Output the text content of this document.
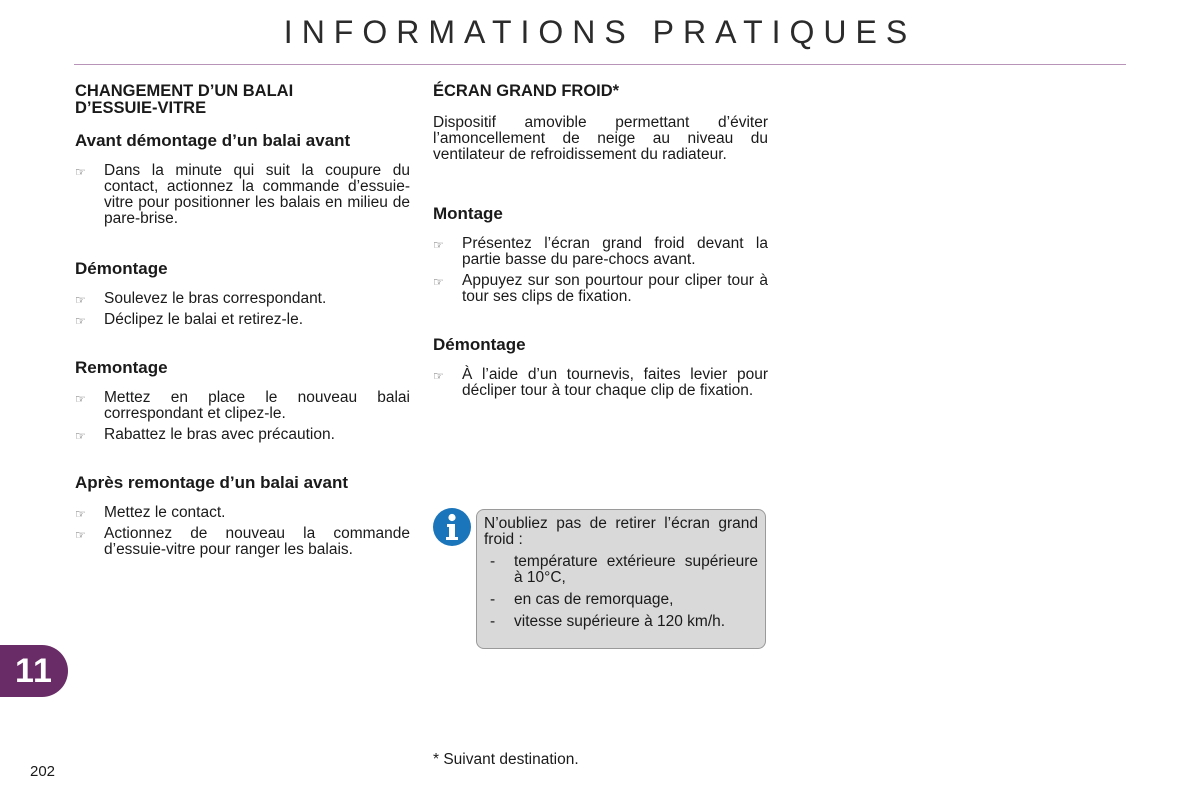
INFORMATIONS PRATIQUES
CHANGEMENT D’UN BALAI
D’ESSUIE-VITRE
Avant démontage d’un balai avant
☞ Dans la minute qui suit la coupure du contact, actionnez la commande d’essuie-vitre pour positionner les balais en milieu de pare-brise.
Démontage
☞ Soulevez le bras correspondant.
☞ Déclipez le balai et retirez-le.
Remontage
☞ Mettez en place le nouveau balai correspondant et clipez-le.
☞ Rabattez le bras avec précaution.
Après remontage d’un balai avant
☞ Mettez le contact.
☞ Actionnez de nouveau la commande d’essuie-vitre pour ranger les balais.
ÉCRAN GRAND FROID*

Dispositif amovible permettant d’éviter l’amoncellement de neige au niveau du ventilateur de refroidissement du radiateur.

Montage
☞ Présentez l’écran grand froid devant la partie basse du pare-chocs avant.
☞ Appuyez sur son pourtour pour cliper tour à tour ses clips de fixation.
Démontage
☞ À l’aide d’un tournevis, faites levier pour décliper tour à tour chaque clip de fixation.

N’oubliez pas de retirer l’écran grand froid :

- température extérieure supérieure à 10°C,
- en cas de remorquage,
- vitesse supérieure à 120 km/h.
11
* Suivant destination.
202
